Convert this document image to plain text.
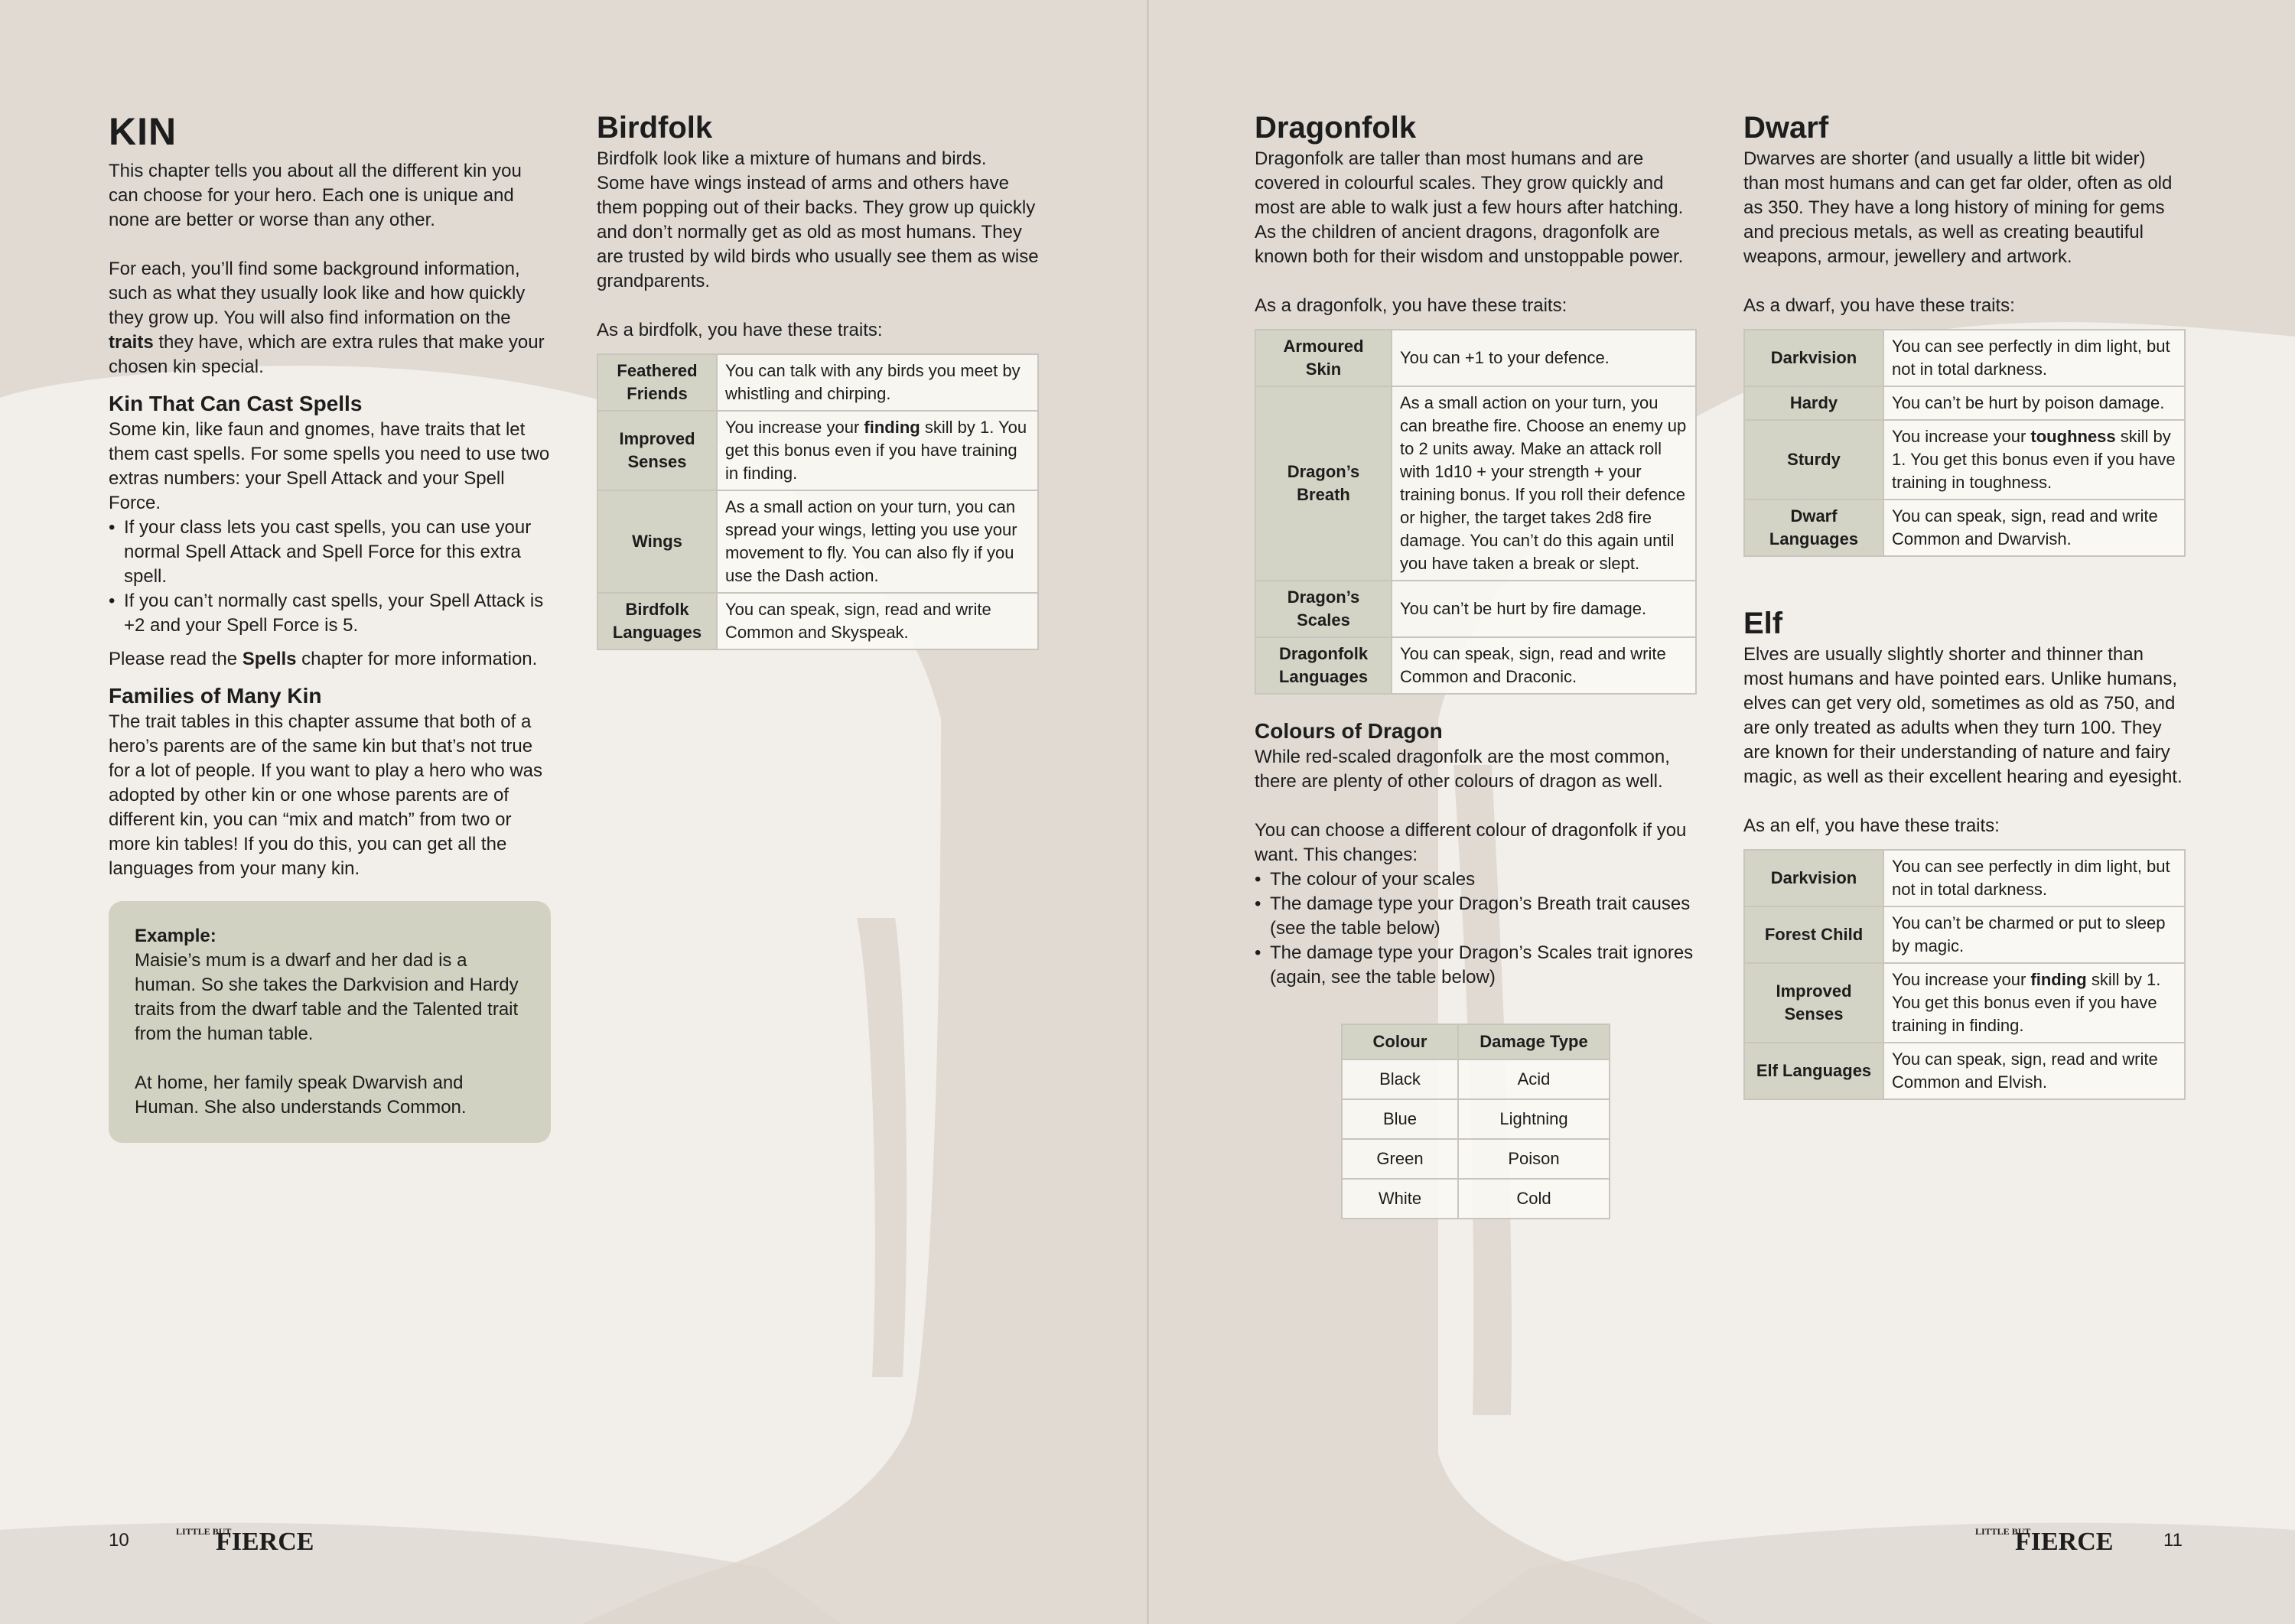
KIN

This chapter tells you about all the different kin you can choose for your hero. Each one is unique and none are better or worse than any other.

For each, you’ll find some background information, such as what they usually look like and how quickly they grow up. You will also find information on the traits they have, which are extra rules that make your chosen kin special.

Kin That Can Cast Spells

Some kin, like faun and gnomes, have traits that let them cast spells. For some spells you need to use two extras numbers: your Spell Attack and your Spell Force.

• If your class lets you cast spells, you can use your normal Spell Attack and Spell Force for this extra spell.
• If you can’t normally cast spells, your Spell Attack is +2 and your Spell Force is 5.

Please read the Spells chapter for more information.

Families of Many Kin

The trait tables in this chapter assume that both of a hero’s parents are of the same kin but that’s not true for a lot of people. If you want to play a hero who was adopted by other kin or one whose parents are of different kin, you can “mix and match” from two or more kin tables! If you do this, you can get all the languages from your many kin.

Example:

Maisie’s mum is a dwarf and her dad is a human. So she takes the Darkvision and Hardy traits from the dwarf table and the Talented trait from the human table.

At home, her family speak Dwarvish and Human. She also understands Common.

Birdfolk

Birdfolk look like a mixture of humans and birds. Some have wings instead of arms and others have them popping out of their backs. They grow up quickly and don’t normally get as old as most humans. They are trusted by wild birds who usually see them as wise grandparents.

As a birdfolk, you have these traits:

Feathered Friends	You can talk with any birds you meet by whistling and chirping.
Improved Senses	You increase your finding skill by 1. You get this bonus even if you have training in finding.
Wings	As a small action on your turn, you can spread your wings, letting you use your movement to fly. You can also fly if you use the Dash action.
Birdfolk Languages	You can speak, sign, read and write Common and Skyspeak.
10	LITTLE BUT
FIERCE
Dragonfolk

Dragonfolk are taller than most humans and are covered in colourful scales. They grow quickly and most are able to walk just a few hours after hatching. As the children of ancient dragons, dragonfolk are known both for their wisdom and unstoppable power.

As a dragonfolk, you have these traits:

Armoured Skin	You can +1 to your defence.
Dragon’s Breath	As a small action on your turn, you can breathe fire. Choose an enemy up to 2 units away. Make an attack roll with 1d10 + your strength + your training bonus. If you roll their defence or higher, the target takes 2d8 fire damage. You can’t do this again until you have taken a break or slept.
Dragon’s Scales	You can’t be hurt by fire damage.
Dragonfolk Languages	You can speak, sign, read and write Common and Draconic.
Colours of Dragon

While red-scaled dragonfolk are the most common, there are plenty of other colours of dragon as well.

You can choose a different colour of dragonfolk if you want. This changes:

• The colour of your scales
• The damage type your Dragon’s Breath trait causes (see the table below)
• The damage type your Dragon’s Scales trait ignores (again, see the table below)
Colour	Damage Type
Black	Acid
Blue	Lightning
Green	Poison
White	Cold
Dwarf

Dwarves are shorter (and usually a little bit wider) than most humans and can get far older, often as old as 350. They have a long history of mining for gems and precious metals, as well as creating beautiful weapons, armour, jewellery and artwork.

As a dwarf, you have these traits:

Darkvision	You can see perfectly in dim light, but not in total darkness.
Hardy	You can’t be hurt by poison damage.
Sturdy	You increase your toughness skill by 1. You get this bonus even if you have training in toughness.
Dwarf Languages	You can speak, sign, read and write Common and Dwarvish.
Elf

Elves are usually slightly shorter and thinner than most humans and have pointed ears. Unlike humans, elves can get very old, sometimes as old as 750, and are only treated as adults when they turn 100. They are known for their understanding of nature and fairy magic, as well as their excellent hearing and eyesight.

As an elf, you have these traits:

Darkvision	You can see perfectly in dim light, but not in total darkness.
Forest Child	You can’t be charmed or put to sleep by magic.
Improved Senses	You increase your finding skill by 1. You get this bonus even if you have training in finding.
Elf Languages	You can speak, sign, read and write Common and Elvish.
LITTLE BUT
FIERCE	11
